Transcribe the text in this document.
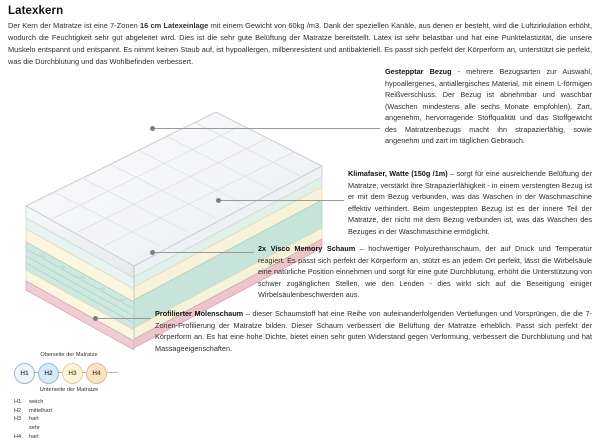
Latexkern
Der Kern der Matratze ist eine 7-Zonen 16 cm Latexeinlage mit einem Gewicht von 60kg /m3. Dank der speziellen Kanäle, aus denen er besteht, wird die Luftzirkulation erhöht, wodurch die Feuchtigkeit sehr gut abgeleitet wird. Dies ist die sehr gute Belüftung der Matratze bereitstellt. Latex ist sehr belastbar und hat eine Punktelastizität, die unsere Muskeln entspannt und entspannt. Es nimmt keinen Staub auf, ist hypoallergen, milbenresistent und antibakteriell. Es passt sich perfekt der Körperform an, unterstützt sie perfekt, was die Durchblutung und das Wohlbefinden verbessert.
Gestepptar Bezug - mehrere Bezugsarten zur Auswahl, hypoallergenes, antiallergisches Material, mit einem L-förmigen Reißverschluss. Der Bezug ist abnehmbar und waschbar (Waschen mindestens alle sechs Monate empfohlen). Zart, angenehm, hervorragende Stoffqualität und das Stoffgewicht des Matratzenbezugs macht ihn strapazierfähig, sowie angenehm und zart im täglichen Gebrauch.
Klimafaser, Watte (150g /1m) – sorgt für eine ausreichende Belüftung der Matratze, verstärkt ihre Strapazierfähigkeit - in einem verstengten Bezug ist er mit dem Bezug verbunden, was das Waschen in der Waschmaschine effektiv verhindert. Beim ungesteppten Bezug ist es der innere Teil der Matratze, der nicht mit dem Bezug verbunden ist, was das Waschen des Bezuges in der Waschmaschine ermöglicht.
2x Visco Memory Schaum – hochwertiger Polyurethanschaum, der auf Druck und Temperatur reagiert. Es passt sich perfekt der Körperform an, stützt es an jedem Ort perfekt, lässt die Wirbelsäule eine natürliche Position einnehmen und sorgt für eine gute Durchblutung, erhöht die Unterstützung von schwer zugänglichen Stellen, wie den Lenden - dies wirkt sich auf die Beseitigung einiger Wirbelsäulenbeschwerden aus.
Profilierter Molenschaum – dieser Schaumstoff hat eine Reihe von aufeinanderfolgenden Vertiefungen und Vorsprüngen, die die 7-Zonen-Profilierung der Matratze bilden. Dieser Schaum verbessert die Belüftung der Matratze erheblich. Passt sich perfekt der Körperform an. Es hat eine hohe Dichte, bietet einen sehr guten Widerstand gegen Verformung, verbessert die Durchblutung und hat Massageeigenschaften.
Oberseite der Matratze
H1	H2	H3	H4
Unterseite der Matratze
H1 weich
H2 mittelhart
H3 hart
H4sehr hart
